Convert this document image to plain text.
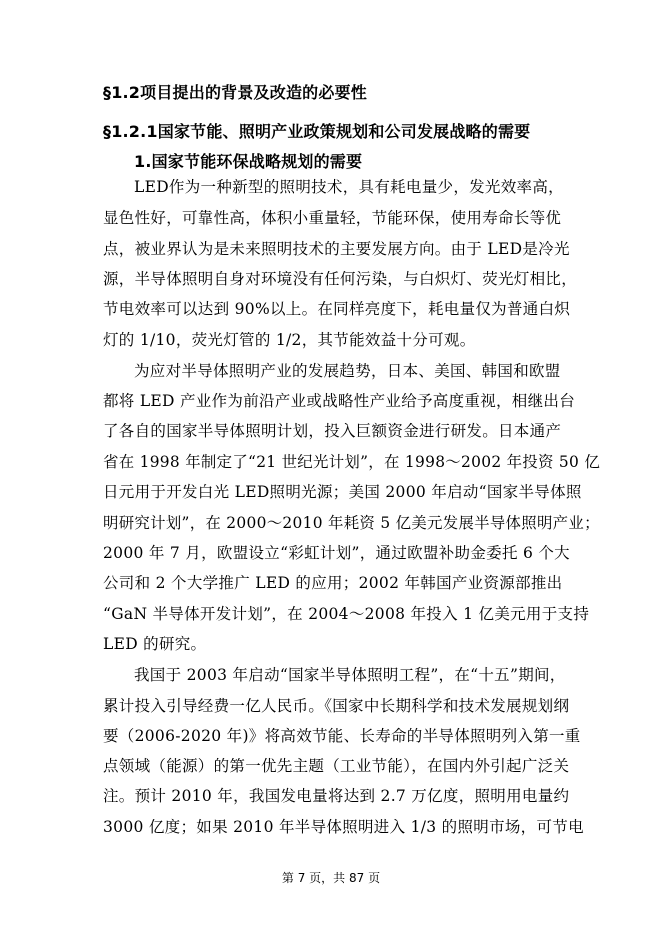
§1.2项目提出的背景及改造的必要性
§1.2.1国家节能、照明产业政策规划和公司发展战略的需要
1.国家节能环保战略规划的需要
LED作为一种新型的照明技术，具有耗电量少，发光效率高，
显色性好，可靠性高，体积小重量轻，节能环保，使用寿命长等优
点，被业界认为是未来照明技术的主要发展方向。由于 LED是冷光
源，半导体照明自身对环境没有任何污染，与白炽灯、荧光灯相比，
节电效率可以达到 90%以上。在同样亮度下，耗电量仅为普通白炽
灯的 1/10，荧光灯管的 1/2，其节能效益十分可观。
为应对半导体照明产业的发展趋势，日本、美国、韩国和欧盟
都将 LED 产业作为前沿产业或战略性产业给予高度重视，相继出台
了各自的国家半导体照明计划，投入巨额资金进行研发。日本通产
省在 1998 年制定了“21 世纪光计划”，在 1998～2002 年投资 50 亿
日元用于开发白光 LED照明光源；美国 2000 年启动“国家半导体照
明研究计划”，在 2000～2010 年耗资 5 亿美元发展半导体照明产业；
2000 年 7 月，欧盟设立“彩虹计划”，通过欧盟补助金委托 6 个大
公司和 2 个大学推广 LED 的应用；2002 年韩国产业资源部推出
“GaN 半导体开发计划”，在 2004～2008 年投入 1 亿美元用于支持
LED 的研究。
我国于 2003 年启动“国家半导体照明工程”，在“十五”期间，
累计投入引导经费一亿人民币。《国家中长期科学和技术发展规划纲
要（2006-2020 年)》将高效节能、长寿命的半导体照明列入第一重
点领域（能源）的第一优先主题（工业节能），在国内外引起广泛关
注。预计 2010 年，我国发电量将达到 2.7 万亿度，照明用电量约
3000 亿度；如果 2010 年半导体照明进入 1/3 的照明市场，可节电
第 7 页，共 87 页
